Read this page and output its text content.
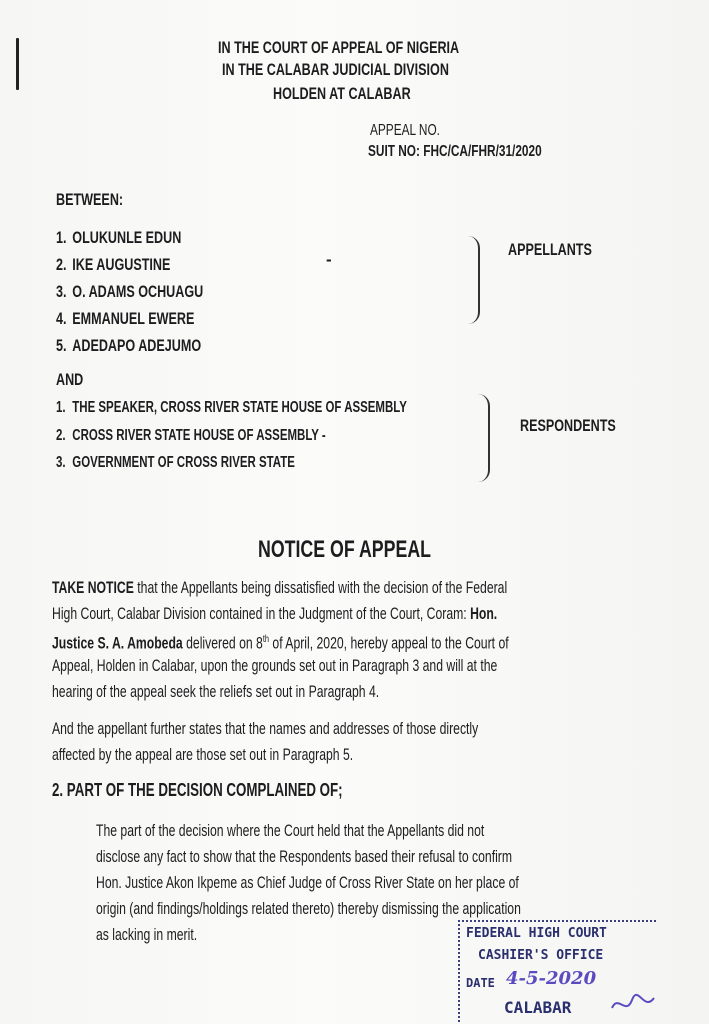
IN THE COURT OF APPEAL OF NIGERIA
IN THE CALABAR JUDICIAL DIVISION
HOLDEN AT CALABAR
APPEAL NO.
SUIT NO: FHC/CA/FHR/31/2020
BETWEEN:
1. OLUKUNLE EDUN
2. IKE AUGUSTINE
3. O. ADAMS OCHUAGU
4. EMMANUEL EWERE
5. ADEDAPO ADEJUMO
-
APPELLANTS
AND
1. THE SPEAKER, CROSS RIVER STATE HOUSE OF ASSEMBLY
2. CROSS RIVER STATE HOUSE OF ASSEMBLY -
3. GOVERNMENT OF CROSS RIVER STATE
RESPONDENTS
NOTICE OF APPEAL
TAKE NOTICE that the Appellants being dissatisfied with the decision of the Federal
High Court, Calabar Division contained in the Judgment of the Court, Coram: Hon.
Justice S. A. Amobeda delivered on 8th of April, 2020, hereby appeal to the Court of
Appeal, Holden in Calabar, upon the grounds set out in Paragraph 3 and will at the
hearing of the appeal seek the reliefs set out in Paragraph 4.
And the appellant further states that the names and addresses of those directly
affected by the appeal are those set out in Paragraph 5.
2. PART OF THE DECISION COMPLAINED OF;
The part of the decision where the Court held that the Appellants did not
disclose any fact to show that the Respondents based their refusal to confirm
Hon. Justice Akon Ikpeme as Chief Judge of Cross River State on her place of
origin (and findings/holdings related thereto) thereby dismissing the application
as lacking in merit.	FEDERAL HIGH COURT
CASHIER'S OFFICE
DATE 4-5-2020
CALABAR
